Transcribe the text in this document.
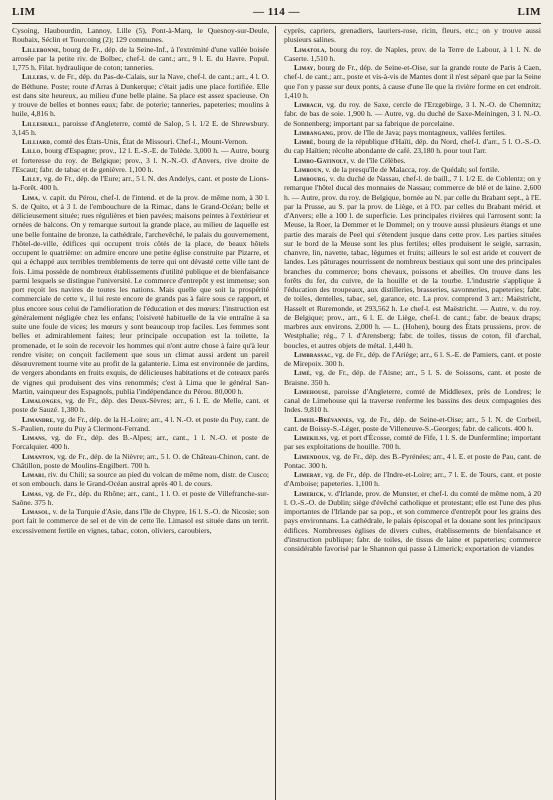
LIM	— 114 —	LIM

Cysoing, Haubourdin, Lannoy, Lille (5), Pont-à-Marq, le Quesnoy-sur-Deule, Roubaix, Séclin et Tourcoing (2); 129 communes.

Lillebonne, bourg de Fr., dép. de la Seine-Inf., à l'extrémité d'une vallée boisée arrosée par la petite riv. de Bolbec, chef-l. de cant.; arr., 9 l. E. du Havre. Popul. 1,775 h. Filat. hydraulique de coton; tanneries.

Lillers, v. de Fr., dép. du Pas-de-Calais, sur la Nave, chef-l. de cant.; arr., 4 l. O. de Béthune. Poste; route d'Arras à Dunkerque; c'était jadis une place fortifiée. Elle est dans site heureux, au milieu d'une belle plaine. Sa place est assez spacieuse. On y trouve de belles et bonnes eaux; fabr. de poterie; tanneries, papeteries; moulins à huile, 4,816 h.

Lilleshall, paroisse d'Angleterre, comté de Salop, 5 l. 1/2 E. de Shrewsbury. 3,145 h.

Lilliard, comté des États-Unis, État de Missouri. Chef-l., Mount-Vernon.

Lillo, bourg d'Espagne; prov., 12 l. E.-S.-E. de Tolède. 3,000 h. — Autre, bourg et forteresse du roy. de Belgique; prov., 3 l. N.-N.-O. d'Anvers, rive droite de l'Escaut; fabr. de tabac et de genièvre. 1,100 h.

Lilly, vg. de Fr., dép. de l'Eure; arr., 5 l. N. des Andelys, cant. et poste de Lions-la-Forêt. 400 h.

Lima, v. capit. du Pérou, chef-l. de l'intend. et de la prov. de même nom, à 30 l. S. de Quito, et à 3 l. de l'embouchure de la Rimac, dans le Grand-Océan; belle et délicieusement située; rues régulières et bien pavées; maisons peintes à l'extérieur et ornées de balcons. On y remarque surtout la grande place, au milieu de laquelle est une belle fontaine de bronze, la cathédrale, l'archevêché, le palais du gouvernement, l'hôtel-de-ville, édifices qui occupent trois côtés de la place, de beaux hôtels occupent le quatrième: on admire encore une petite église construite par Pizarre, et qui a échappé aux terribles tremblements de terre qui ont dévasté cette ville tant de fois. Lima possède de nombreux établissements d'utilité publique et de bienfaisance parmi lesquels se distingue l'université. Le commerce d'entrepôt y est immense; son port reçoit les navires de toutes les nations. Mais quelle que soit la prospérité commerciale de cette v., il lui reste encore de grands pas à faire sous ce rapport, et plus encore sous celui de l'amélioration de l'éducation et des mœurs: l'instruction est généralement négligée chez les enfans; l'oisiveté habituelle de la vie entraîne à sa suite une foule de vices; les mœurs y sont beaucoup trop faciles. Les femmes sont belles et admirablement faites; leur principale occupation est la toilette, la promenade, et le soin de recevoir les hommes qui n'ont autre chose à faire qu'à leur rendre visite; on conçoit facilement que sous un climat aussi ardent un pareil désœuvrement tourne vite au profit de la galanterie. Lima est environnée de jardins, de vergers abondants en fruits exquis, de délicieuses habitations et de coteaux parés de vignes qui produisent des vins renommés; c'est à Lima que le général San-Martin, vainqueur des Espagnols, publia l'indépendance du Pérou. 80,000 h.

Limalonges, vg. de Fr., dép. des Deux-Sèvres; arr., 6 l. E. de Melle, cant. et poste de Sauzé. 1,380 h.

Limandre, vg. de Fr., dép. de la H.-Loire; arr., 4 l. N.-O. et poste du Puy, cant. de S.-Paulien, route du Puy à Clermont-Ferrand.

Limans, vg. de Fr., dép. des B.-Alpes; arr., cant., 1 l. N.-O. et poste de Forcalquier. 400 h.

Limanton, vg. de Fr., dép. de la Nièvre; arr., 5 l. O. de Château-Chinon, cant. de Châtillon, poste de Moulins-Engilbert. 700 h.

Limari, riv. du Chili; sa source au pied du volcan de même nom, distr. de Cusco; et son embouch. dans le Grand-Océan austral après 40 l. de cours.

Limas, vg. de Fr., dép. du Rhône; arr., cant., 1 l. O. et poste de Villefranche-sur-Saône. 375 h.

Limasol, v. de la Turquie d'Asie, dans l'île de Chypre, 16 l. S.-O. de Nicosie; son port fait le commerce de sel et de vin de cette île. Limasol est située dans un territ. excessivement fertile en vignes, tabac, coton, oliviers, caroubiers,

cyprès, capriers, grenadiers, lauriers-rose, ricin, fleurs, etc.; on y trouve aussi plusieurs salines.

Limatola, bourg du roy. de Naples, prov. de la Terre de Labour, à 1 l. N. de Caserte. 1,510 h.

Limay, bourg de Fr., dép. de Seine-et-Oise, sur la grande route de Paris à Caen, chef-l. de cant.; arr., poste et vis-à-vis de Mantes dont il n'est séparé que par la Seine que l'on y passe sur deux ponts, à cause d'une île que la rivière forme en cet endroit. 1,410 h.

Limbach, vg. du roy. de Saxe, cercle de l'Erzgebirge, 3 l. N.-O. de Chemnitz; fabr. de bas de soie. 1,900 h. — Autre, vg. du duché de Saxe-Meiningen, 3 l. N.-O. de Sonnenberg; important par sa fabrique de porcelaine.

Limbangang, prov. de l'île de Java; pays montagneux, vallées fertiles.

Limbé, bourg de la république d'Haïti, dép. du Nord, chef-l. d'arr., 5 l. O.-S.-O. du cap Haïtien; récolte abondante de café. 23,180 h. pour tout l'arr.

Limbo-Gatinoly, v. de l'île Célèbes.

Limboun, v. de la presqu'île de Malacca, roy. de Quédah; sol fertile.

Limbourg, v. du duché de Nassau, chef-l. de baill., 7 l. 1/2 E. de Coblentz; on y remarque l'hôtel ducal des monnaies de Nassau; commerce de blé et de laine. 2,600 h. — Autre, prov. du roy. de Belgique, bornée au N. par celle du Brabant sept., à l'E. par la Prusse, au S. par la prov. de Liège, et à l'O. par celles du Brabant mérid. et d'Anvers; elle a 100 l. de superficie. Les principales rivières qui l'arrosent sont: la Meuse, la Roer, la Demmer et le Dommel; on y trouve aussi plusieurs étangs et une partie des marais de Peel qui s'étendent jusque dans cette prov. Les parties situées sur le bord de la Meuse sont les plus fertiles; elles produisent le seigle, sarrasin, chanvre, lin, navette, tabac, légumes et fruits; ailleurs le sol est aride et couvert de landes. Les pâturages nourrissent de nombreux bestiaux qui sont une des principales branches du commerce; bons chevaux, poissons et abeilles. On trouve dans les forêts du fer, du cuivre, de la houille et de la tourbe. L'industrie s'applique à l'éducation des troupeaux, aux distilleries, brasseries, savonneries, papeteries; fabr. de toiles, dentelles, tabac, sel, garance, etc. La prov. comprend 3 arr.: Maëstricht, Hasselt et Ruremonde, et 293,562 h. Le chef-l. est Maëstricht. — Autre, v. du roy. de Belgique; prov., arr., 6 l. E. de Liège, chef-l. de cant.; fabr. de beaux draps; marbres aux environs. 2,000 h. — L. (Hohen), bourg des États prussiens, prov. de Westphalie; rég., 7 l. d'Arensberg; fabr. de toiles, tissus de coton, fil d'archal, boucles, et autres objets de métal. 1,440 h.

Limbrassac, vg. de Fr., dép. de l'Ariège; arr., 6 l. S.-E. de Pamiers, cant. et poste de Mirepoix. 300 h.

Limé, vg. de Fr., dép. de l'Aisne; arr., 5 l. S. de Soissons, cant. et poste de Braisne. 350 h.

Limehouse, paroisse d'Angleterre, comté de Middlesex, près de Londres; le canal de Limehouse qui la traverse renferme les bassins des deux compagnies des Indes. 9,810 h.

Limeil-Brévannes, vg. de Fr., dép. de Seine-et-Oise; arr., 5 l. N. de Corbeil, cant. de Boissy-S.-Léger, poste de Villeneuve-S.-Georges; fabr. de calicots. 400 h.

Limekilns, vg. et port d'Écosse, comté de Fife, 1 l. S. de Dunfermline; important par ses exploitations de houille. 700 h.

Limendous, vg. de Fr., dép. des B.-Pyrénées; arr., 4 l. E. et poste de Pau, cant. de Pontac. 300 h.

Limeray, vg. de Fr., dép. de l'Indre-et-Loire; arr., 7 l. E. de Tours, cant. et poste d'Amboise; papeteries. 1,100 h.

Limerick, v. d'Irlande, prov. de Munster, et chef-l. du comté de même nom, à 20 l. O.-S.-O. de Dublin; siège d'évêché catholique et protestant; elle est l'une des plus importantes de l'Irlande par sa pop., et son commerce d'entrepôt pour les grains des pays environnans. La cathédrale, le palais épiscopal et la douane sont les principaux édifices. Nombreuses églises de divers cultes, établissements de bienfaisance et d'instruction publique; fabr. de toiles, de tissus de laine et papeteries; commerce considérable favorisé par le Shannon qui passe à Limerick; exportation de viandes
